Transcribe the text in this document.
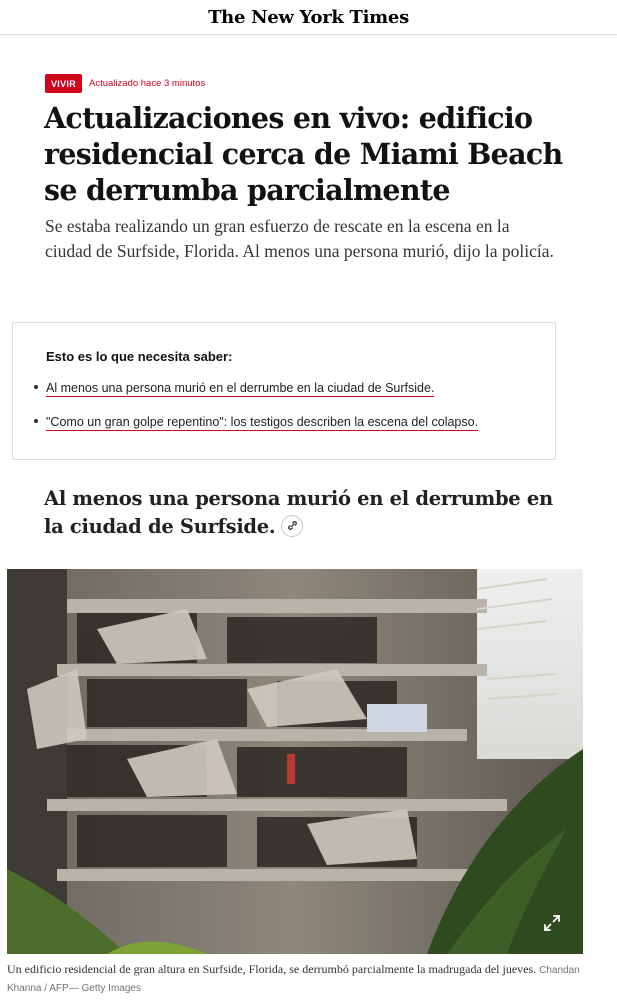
The New York Times
VIVIR	Actualizado hace 3 minutos
Actualizaciones en vivo: edificio residencial cerca de Miami Beach se derrumba parcialmente

Se estaba realizando un gran esfuerzo de rescate en la escena en la ciudad de Surfside, Florida. Al menos una persona murió, dijo la policía.

Esto es lo que necesita saber:
Al menos una persona murió en el derrumbe en la ciudad de Surfside.
"Como un gran golpe repentino": los testigos describen la escena del colapso.
Al menos una persona murió en el derrumbe en la ciudad de Surfside.

Un edificio residencial de gran altura en Surfside, Florida, se derrumbó parcialmente la madrugada del jueves. Chandan Khanna / AFP— Getty Images
